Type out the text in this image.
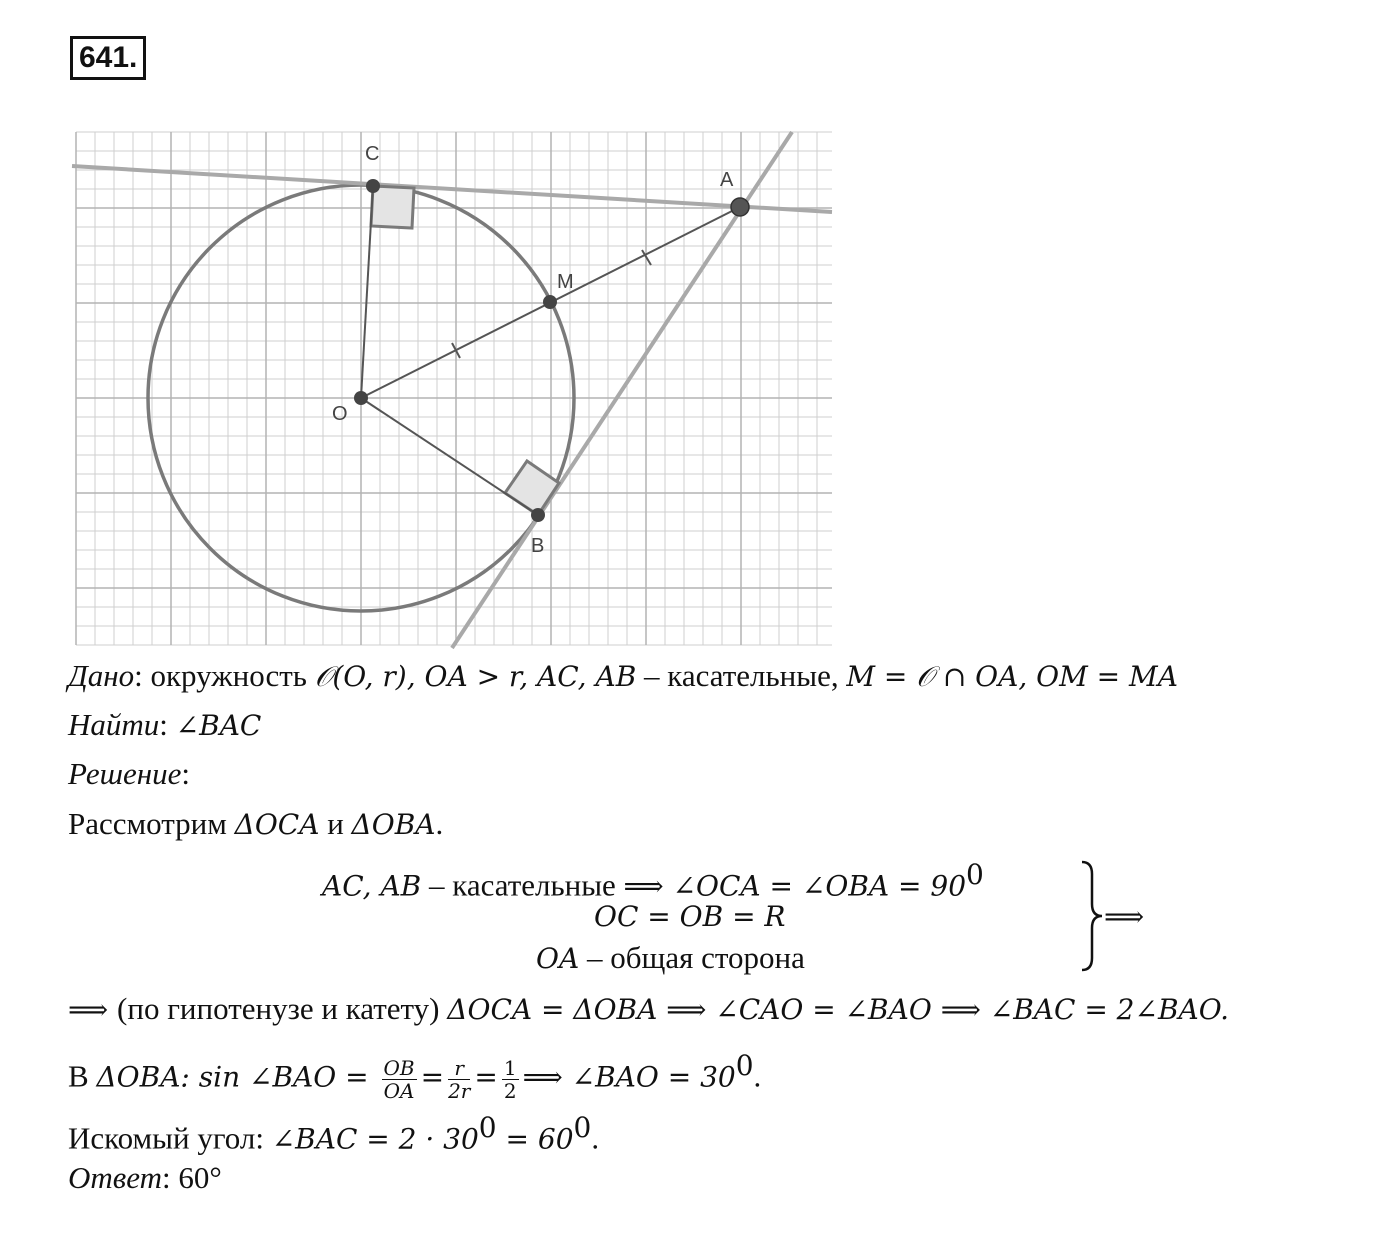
641.
C
A
M
O
B
Дано: окружность 𝒪(O, r), OA > r, AC, AB – касательные, M = 𝒪 ∩ OA, OM = MA
Найти: ∠BAC
Решение:
Рассмотрим ΔOCA и ΔOBA.
AC, AB – касательные ⟹ ∠OCA = ∠OBA = $90^0$
OC = OB = R
OA – общая сторона
⟹
⟹ (по гипотенузе и катету) ΔOCA = ΔOBA ⟹ ∠CAO = ∠BAO ⟹ ∠BAC = 2∠BAO.
В ΔOBA: sin ∠BAO = $\frac{OB}{OA} = \frac{r}{2r} = \frac{1}{2}$ ⟹ ∠BAO = $30^0$.
Искомый угол: ∠BAC = $2 \cdot 30^0 = 60^0$.
Ответ: 60°
